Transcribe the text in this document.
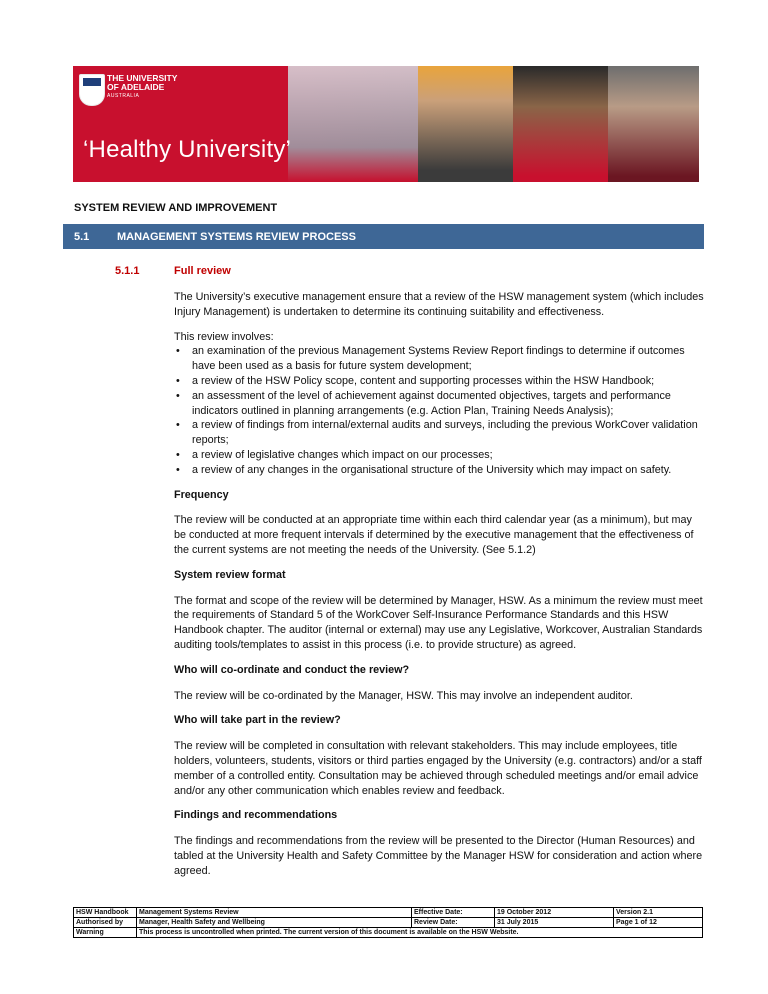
THE UNIVERSITY
OF ADELAIDE
AUSTRALIA
‘Healthy University’
SYSTEM REVIEW AND IMPROVEMENT
5.1	MANAGEMENT SYSTEMS REVIEW PROCESS
5.1.1	Full review

The University’s executive management ensure that a review of the HSW management system (which includes Injury Management) is undertaken to determine its continuing suitability and effectiveness.

This review involves:
• an examination of the previous Management Systems Review Report findings to determine if outcomes have been used as a basis for future system development;
• a review of the HSW Policy scope, content and supporting processes within the HSW Handbook;
• an assessment of the level of achievement against documented objectives, targets and performance indicators outlined in planning arrangements (e.g. Action Plan, Training Needs Analysis);
• a review of findings from internal/external audits and surveys, including the previous WorkCover validation reports;
• a review of legislative changes which impact on our processes;
• a review of any changes in the organisational structure of the University which may impact on safety.

Frequency

The review will be conducted at an appropriate time within each third calendar year (as a minimum), but may be conducted at more frequent intervals if determined by the executive management that the effectiveness of the current systems are not meeting the needs of the University. (See 5.1.2)

System review format

The format and scope of the review will be determined by Manager, HSW. As a minimum the review must meet the requirements of Standard 5 of the WorkCover Self-Insurance Performance Standards and this HSW Handbook chapter. The auditor (internal or external) may use any Legislative, Workcover, Australian Standards auditing tools/templates to assist in this process (i.e. to provide structure) as agreed.

Who will co-ordinate and conduct the review?

The review will be co-ordinated by the Manager, HSW. This may involve an independent auditor.

Who will take part in the review?

The review will be completed in consultation with relevant stakeholders. This may include employees, title holders, volunteers, students, visitors or third parties engaged by the University (e.g. contractors) and/or a staff member of a controlled entity. Consultation may be achieved through scheduled meetings and/or email advice and/or any other communication which enables review and feedback.

Findings and recommendations

The findings and recommendations from the review will be presented to the Director (Human Resources) and tabled at the University Health and Safety Committee by the Manager HSW for consideration and action where agreed.

HSW Handbook	Management Systems Review	Effective Date:	19 October 2012	Version 2.1
Authorised by	Manager, Health Safety and Wellbeing	Review Date:	31 July 2015	Page 1 of 12
Warning	This process is uncontrolled when printed. The current version of this document is available on the HSW Website.			
